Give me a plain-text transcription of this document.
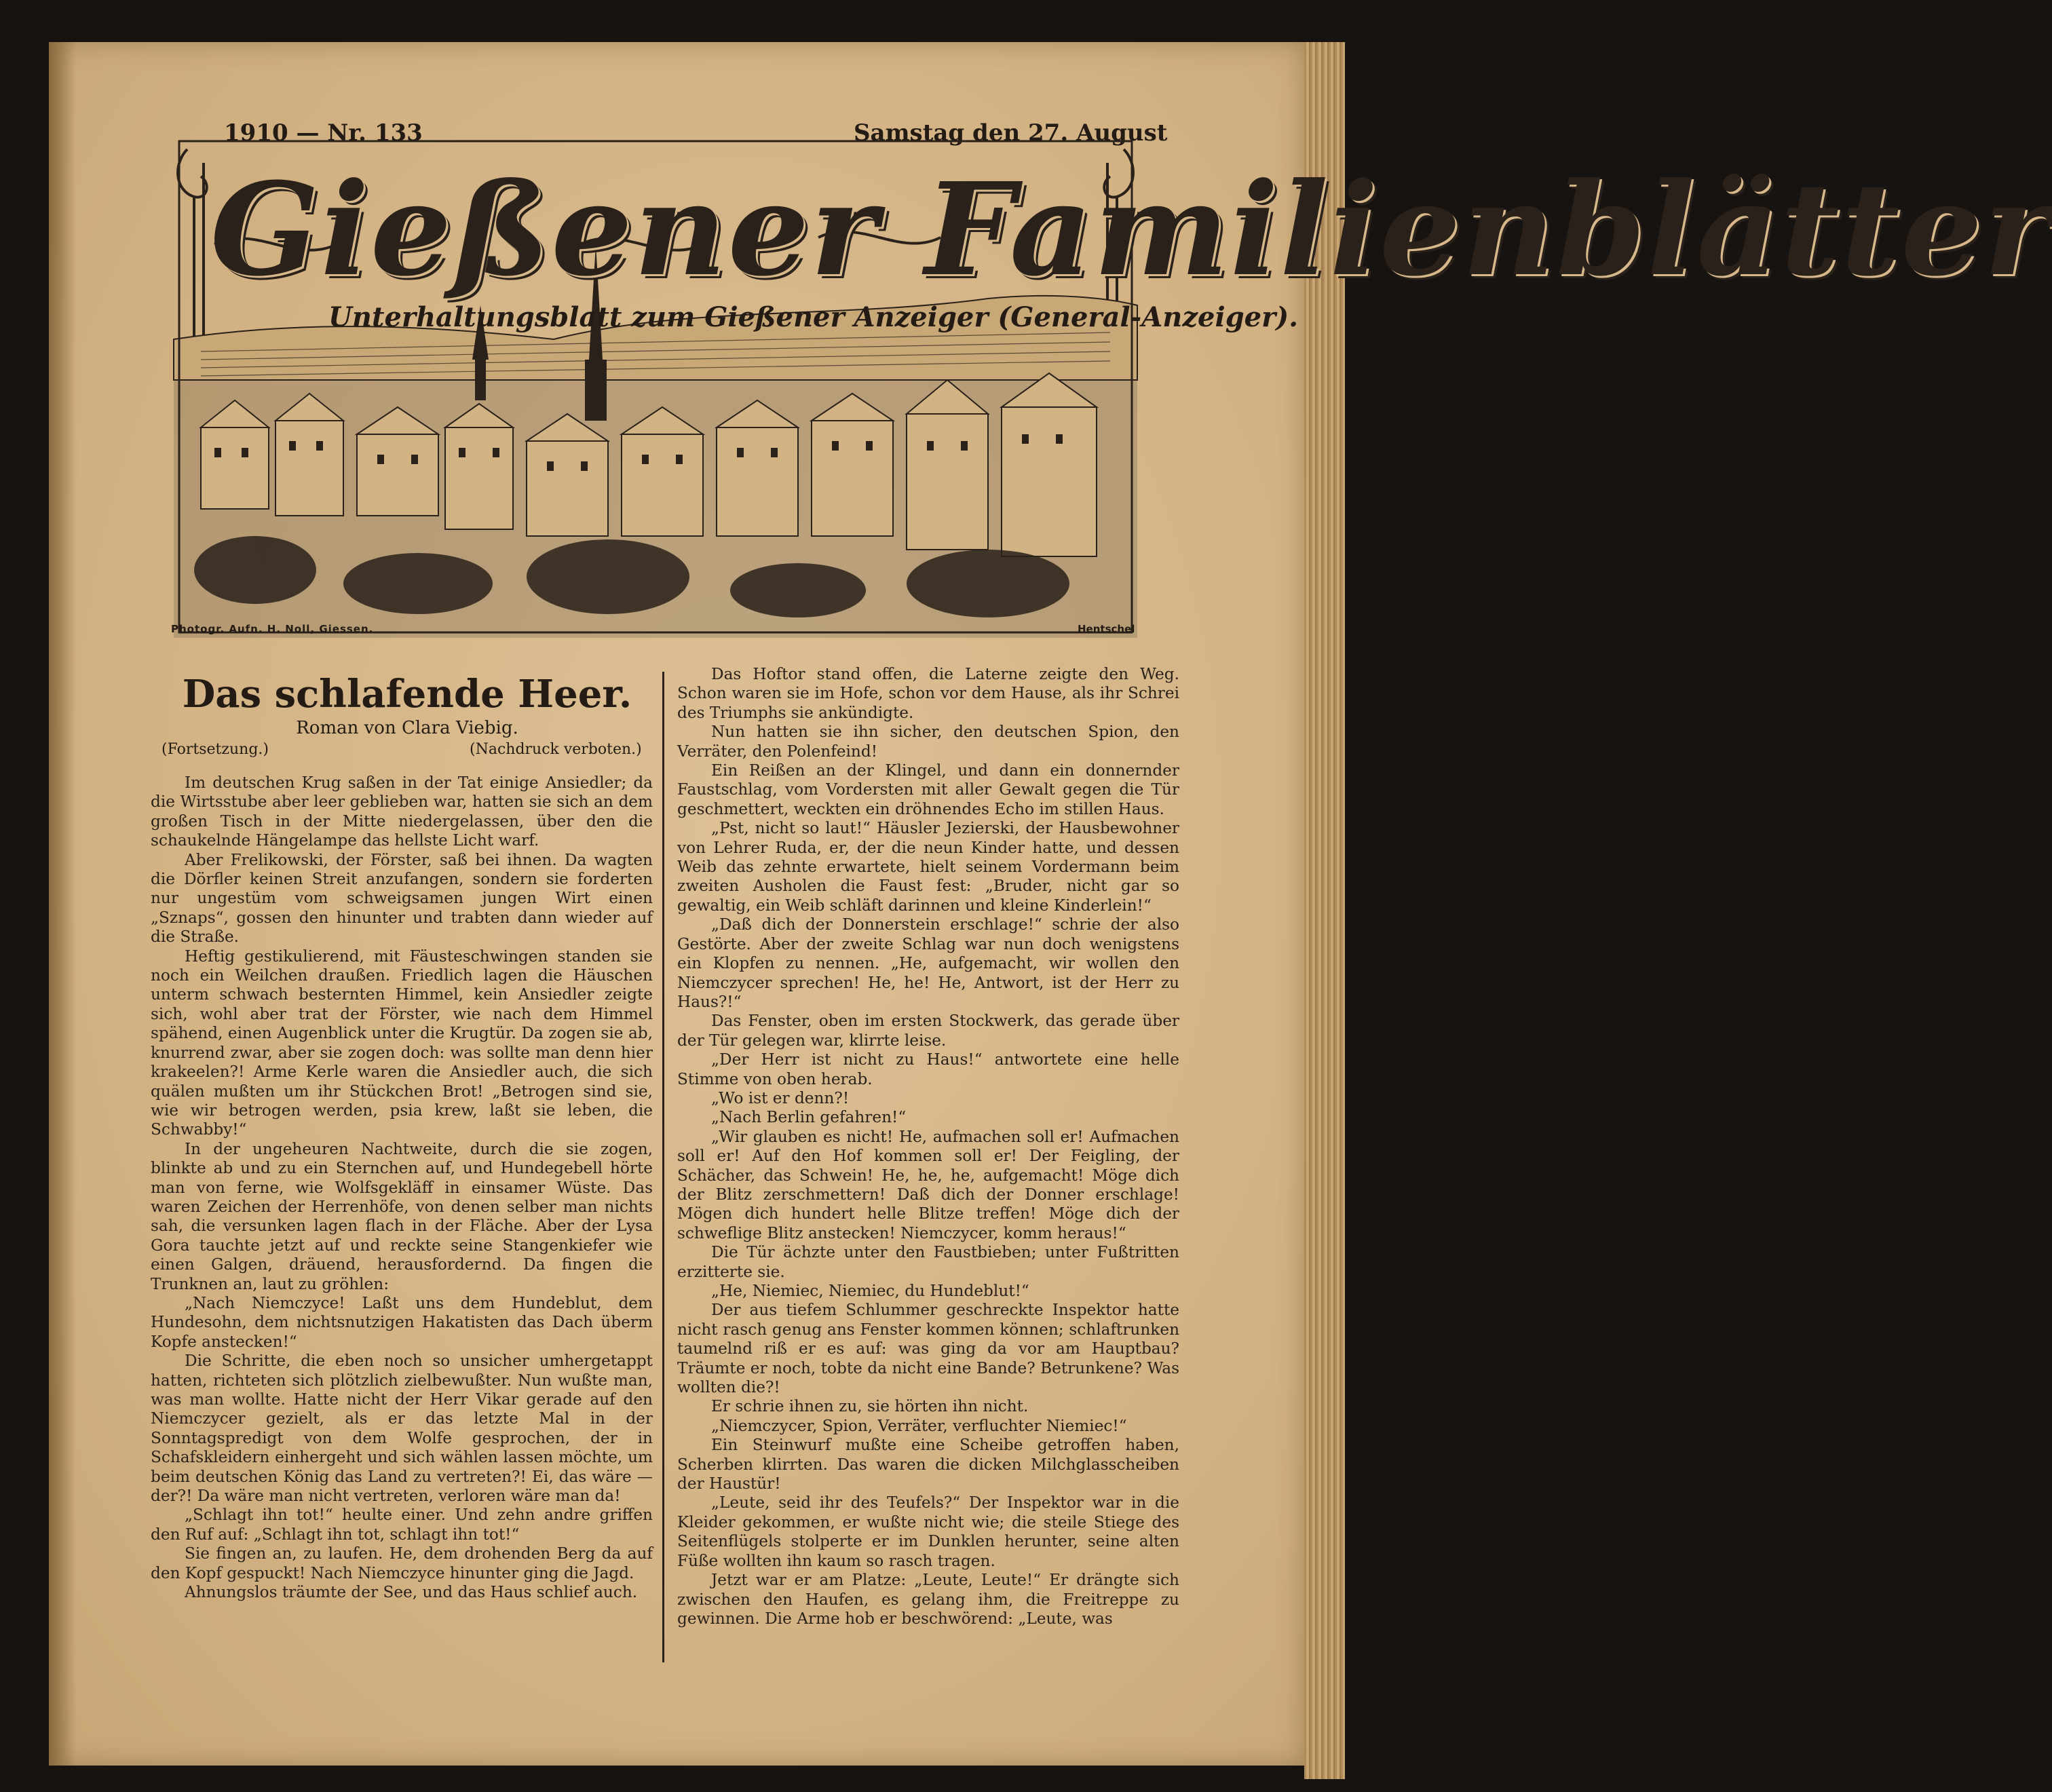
1910 — Nr. 133	Samstag den 27. August
Gießener Familienblätter
Unterhaltungsblatt zum Gießener Anzeiger (General-Anzeiger).
Photogr. Aufn. H. Noll, Giessen.	Hentschel
Das schlafende Heer.
Roman von Clara Viebig.
(Fortsetzung.)	(Nachdruck verboten.)

Im deutschen Krug saßen in der Tat einige Ansiedler; da die Wirtsstube aber leer geblieben war, hatten sie sich an dem großen Tisch in der Mitte niedergelassen, über den die schaukelnde Hängelampe das hellste Licht warf.

Aber Frelikowski, der Förster, saß bei ihnen. Da wagten die Dörfler keinen Streit anzufangen, sondern sie forderten nur ungestüm vom schweigsamen jungen Wirt einen „Sznaps“, gossen den hinunter und trabten dann wieder auf die Straße.

Heftig gestikulierend, mit Fäusteschwingen standen sie noch ein Weilchen draußen. Friedlich lagen die Häuschen unterm schwach besternten Himmel, kein Ansiedler zeigte sich, wohl aber trat der Förster, wie nach dem Himmel spähend, einen Augenblick unter die Krugtür. Da zogen sie ab, knurrend zwar, aber sie zogen doch: was sollte man denn hier krakeelen?! Arme Kerle waren die Ansiedler auch, die sich quälen mußten um ihr Stückchen Brot! „Betrogen sind sie, wie wir betrogen werden, psia krew, laßt sie leben, die Schwabby!“

In der ungeheuren Nachtweite, durch die sie zogen, blinkte ab und zu ein Sternchen auf, und Hundegebell hörte man von ferne, wie Wolfsgekläff in einsamer Wüste. Das waren Zeichen der Herrenhöfe, von denen selber man nichts sah, die versunken lagen flach in der Fläche. Aber der Lysa Gora tauchte jetzt auf und reckte seine Stangenkiefer wie einen Galgen, dräuend, herausfordernd. Da fingen die Trunknen an, laut zu gröhlen:

„Nach Niemczyce! Laßt uns dem Hundeblut, dem Hundesohn, dem nichtsnutzigen Hakatisten das Dach überm Kopfe anstecken!“

Die Schritte, die eben noch so unsicher umhergetappt hatten, richteten sich plötzlich zielbewußter. Nun wußte man, was man wollte. Hatte nicht der Herr Vikar gerade auf den Niemczycer gezielt, als er das letzte Mal in der Sonntagspredigt von dem Wolfe gesprochen, der in Schafskleidern einhergeht und sich wählen lassen möchte, um beim deutschen König das Land zu vertreten?! Ei, das wäre — der?! Da wäre man nicht vertreten, verloren wäre man da!

„Schlagt ihn tot!“ heulte einer. Und zehn andre griffen den Ruf auf: „Schlagt ihn tot, schlagt ihn tot!“

Sie fingen an, zu laufen. He, dem drohenden Berg da auf den Kopf gespuckt! Nach Niemczyce hinunter ging die Jagd.

Ahnungslos träumte der See, und das Haus schlief auch.

Das Hoftor stand offen, die Laterne zeigte den Weg. Schon waren sie im Hofe, schon vor dem Hause, als ihr Schrei des Triumphs sie ankündigte.

Nun hatten sie ihn sicher, den deutschen Spion, den Verräter, den Polenfeind!

Ein Reißen an der Klingel, und dann ein donnernder Faustschlag, vom Vordersten mit aller Gewalt gegen die Tür geschmettert, weckten ein dröhnendes Echo im stillen Haus.

„Pst, nicht so laut!“ Häusler Jezierski, der Hausbewohner von Lehrer Ruda, er, der die neun Kinder hatte, und dessen Weib das zehnte erwartete, hielt seinem Vordermann beim zweiten Ausholen die Faust fest: „Bruder, nicht gar so gewaltig, ein Weib schläft darinnen und kleine Kinderlein!“

„Daß dich der Donnerstein erschlage!“ schrie der also Gestörte. Aber der zweite Schlag war nun doch wenigstens ein Klopfen zu nennen. „He, aufgemacht, wir wollen den Niemczycer sprechen! He, he! He, Antwort, ist der Herr zu Haus?!“

Das Fenster, oben im ersten Stockwerk, das gerade über der Tür gelegen war, klirrte leise.

„Der Herr ist nicht zu Haus!“ antwortete eine helle Stimme von oben herab.

„Wo ist er denn?!

„Nach Berlin gefahren!“

„Wir glauben es nicht! He, aufmachen soll er! Aufmachen soll er! Auf den Hof kommen soll er! Der Feigling, der Schächer, das Schwein! He, he, he, aufgemacht! Möge dich der Blitz zerschmettern! Daß dich der Donner erschlage! Mögen dich hundert helle Blitze treffen! Möge dich der schweflige Blitz anstecken! Niemczycer, komm heraus!“

Die Tür ächzte unter den Faustbieben; unter Fußtritten erzitterte sie.

„He, Niemiec, Niemiec, du Hundeblut!“

Der aus tiefem Schlummer geschreckte Inspektor hatte nicht rasch genug ans Fenster kommen können; schlaftrunken taumelnd riß er es auf: was ging da vor am Hauptbau? Träumte er noch, tobte da nicht eine Bande? Betrunkene? Was wollten die?!

Er schrie ihnen zu, sie hörten ihn nicht.

„Niemczycer, Spion, Verräter, verfluchter Niemiec!“

Ein Steinwurf mußte eine Scheibe getroffen haben, Scherben klirrten. Das waren die dicken Milchglasscheiben der Haustür!

„Leute, seid ihr des Teufels?“ Der Inspektor war in die Kleider gekommen, er wußte nicht wie; die steile Stiege des Seitenflügels stolperte er im Dunklen herunter, seine alten Füße wollten ihn kaum so rasch tragen.

Jetzt war er am Platze: „Leute, Leute!“ Er drängte sich zwischen den Haufen, es gelang ihm, die Freitreppe zu gewinnen. Die Arme hob er beschwörend: „Leute, was
